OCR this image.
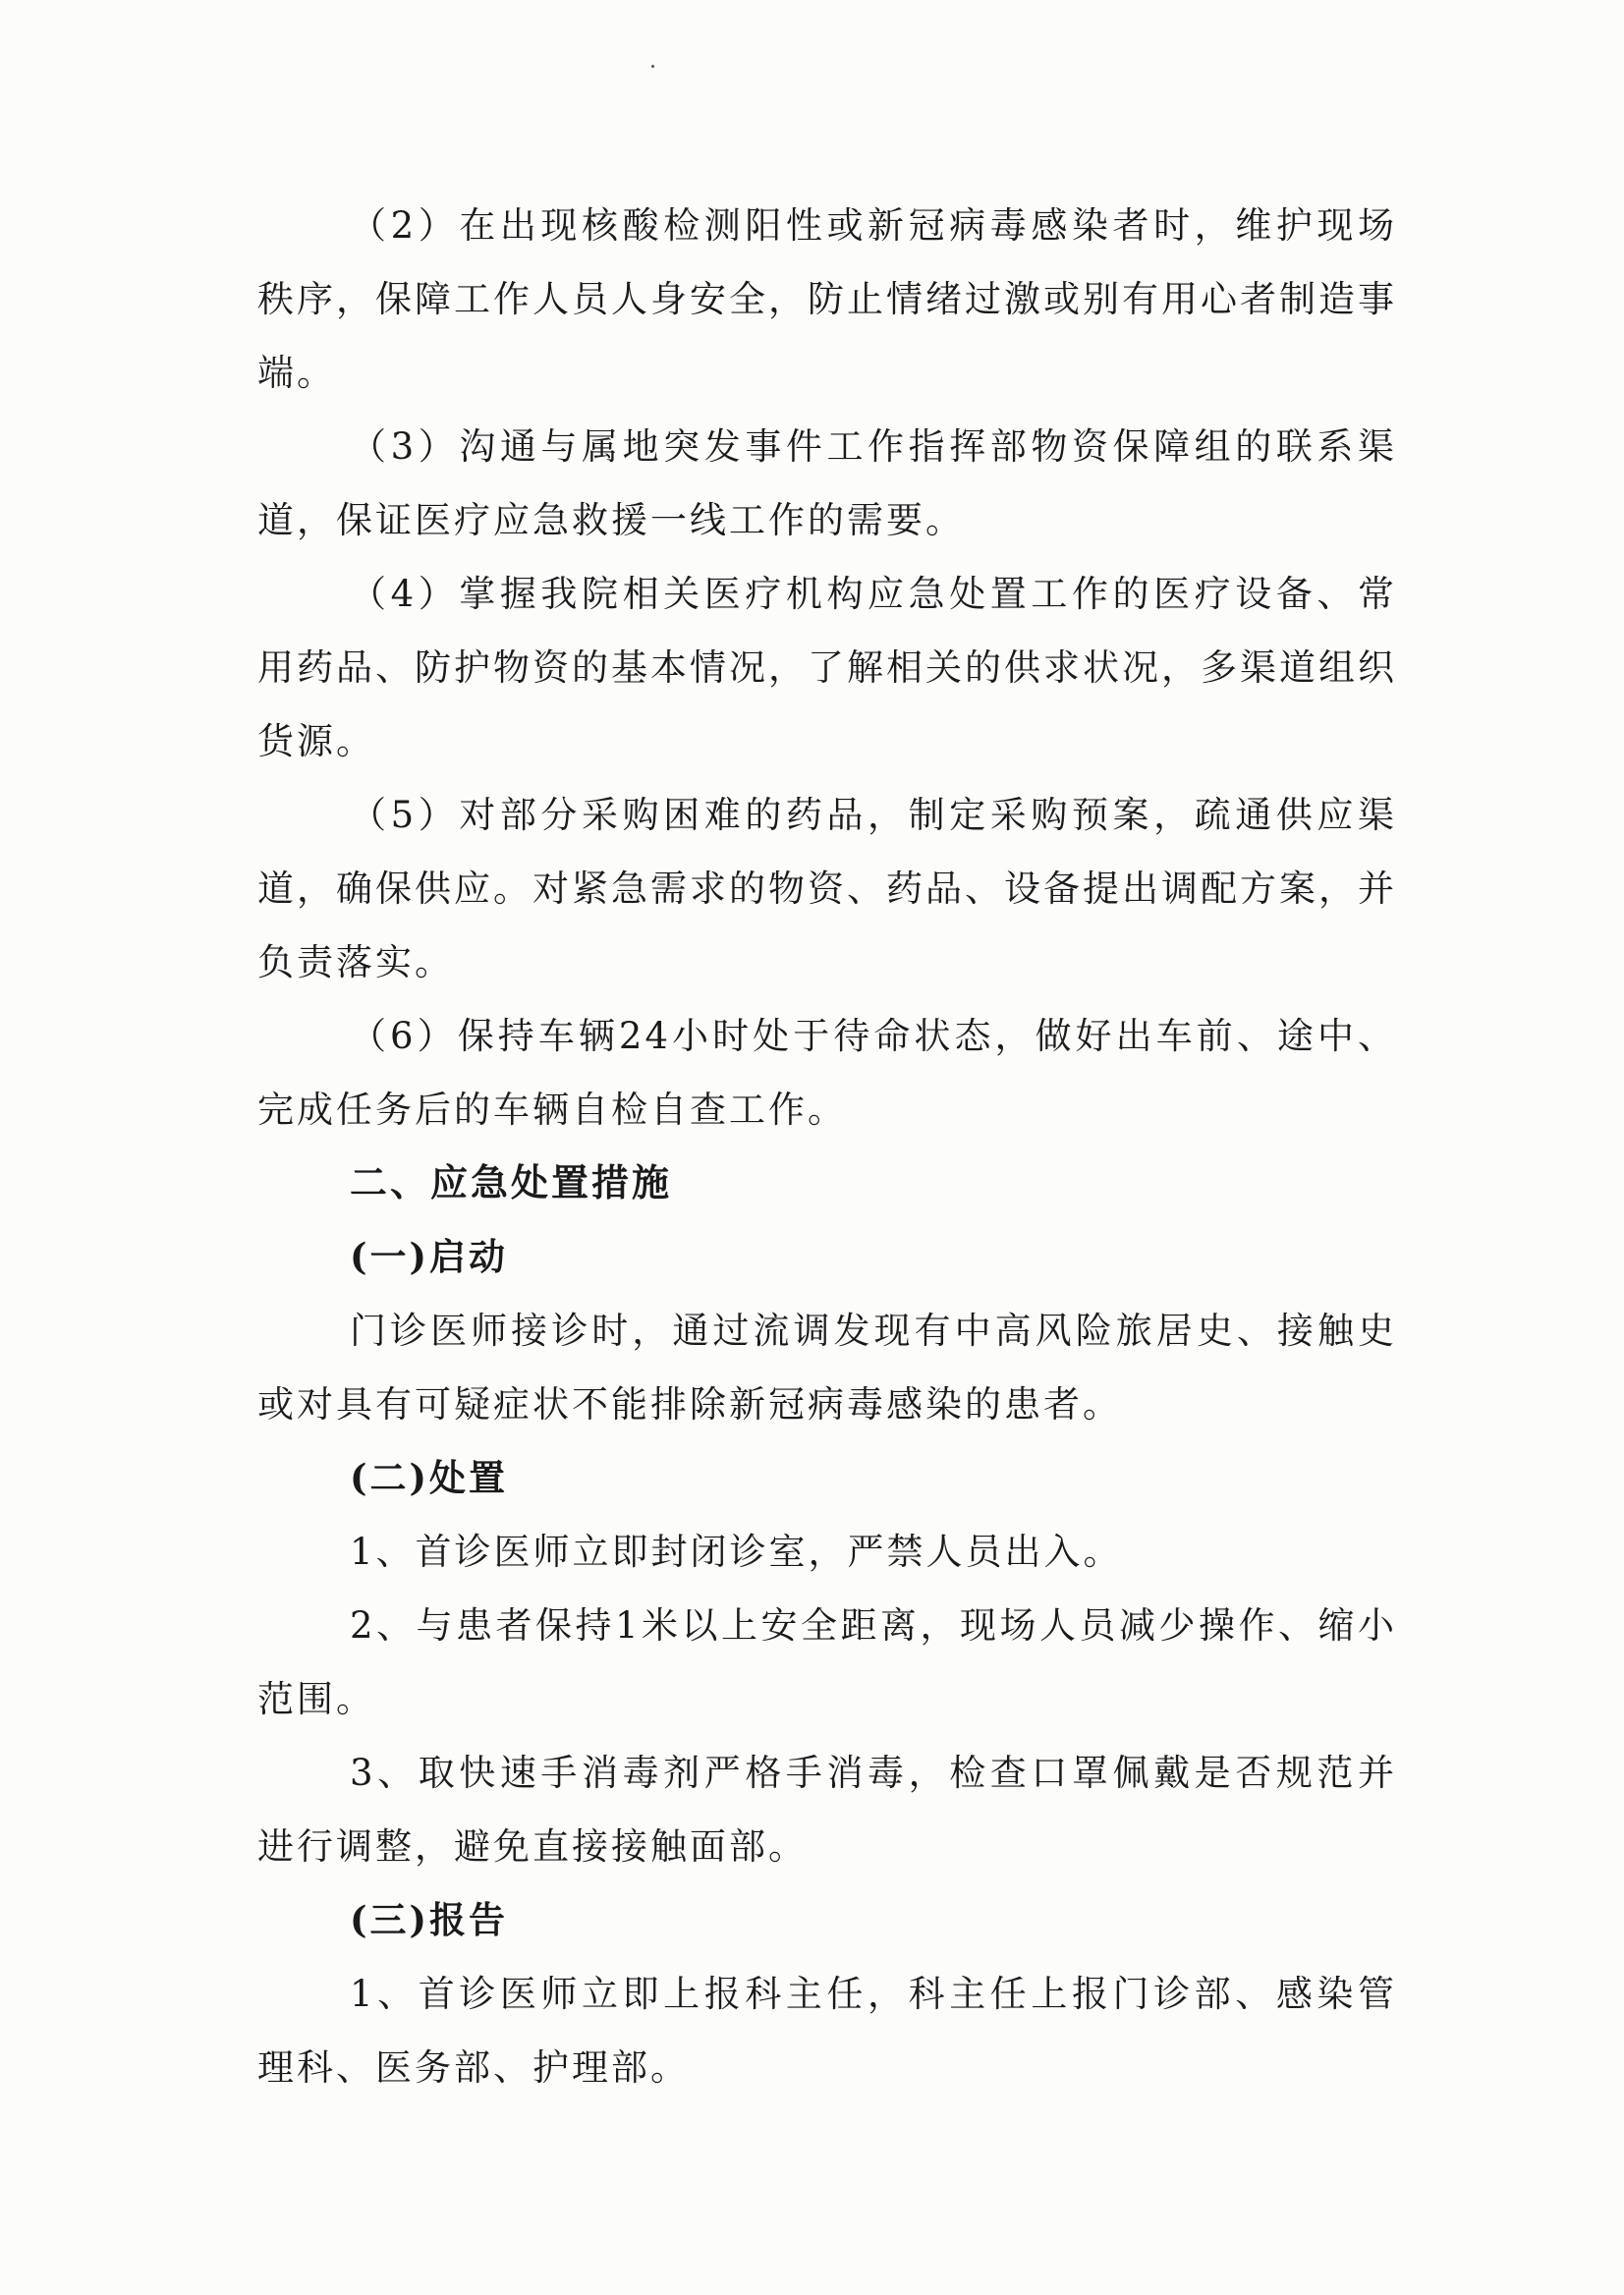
（2）在出现核酸检测阳性或新冠病毒感染者时，维护现场秩序，保障工作人员人身安全，防止情绪过激或别有用心者制造事端。

（3）沟通与属地突发事件工作指挥部物资保障组的联系渠道，保证医疗应急救援一线工作的需要。

（4）掌握我院相关医疗机构应急处置工作的医疗设备、常用药品、防护物资的基本情况，了解相关的供求状况，多渠道组织货源。

（5）对部分采购困难的药品，制定采购预案，疏通供应渠道，确保供应。对紧急需求的物资、药品、设备提出调配方案，并负责落实。

（6）保持车辆24小时处于待命状态，做好出车前、途中、完成任务后的车辆自检自查工作。

二、应急处置措施

(一)启动

门诊医师接诊时，通过流调发现有中高风险旅居史、接触史或对具有可疑症状不能排除新冠病毒感染的患者。

(二)处置

1、首诊医师立即封闭诊室，严禁人员出入。

2、与患者保持1米以上安全距离，现场人员减少操作、缩小范围。

3、取快速手消毒剂严格手消毒，检查口罩佩戴是否规范并进行调整，避免直接接触面部。

(三)报告

1、首诊医师立即上报科主任，科主任上报门诊部、感染管理科、医务部、护理部。
